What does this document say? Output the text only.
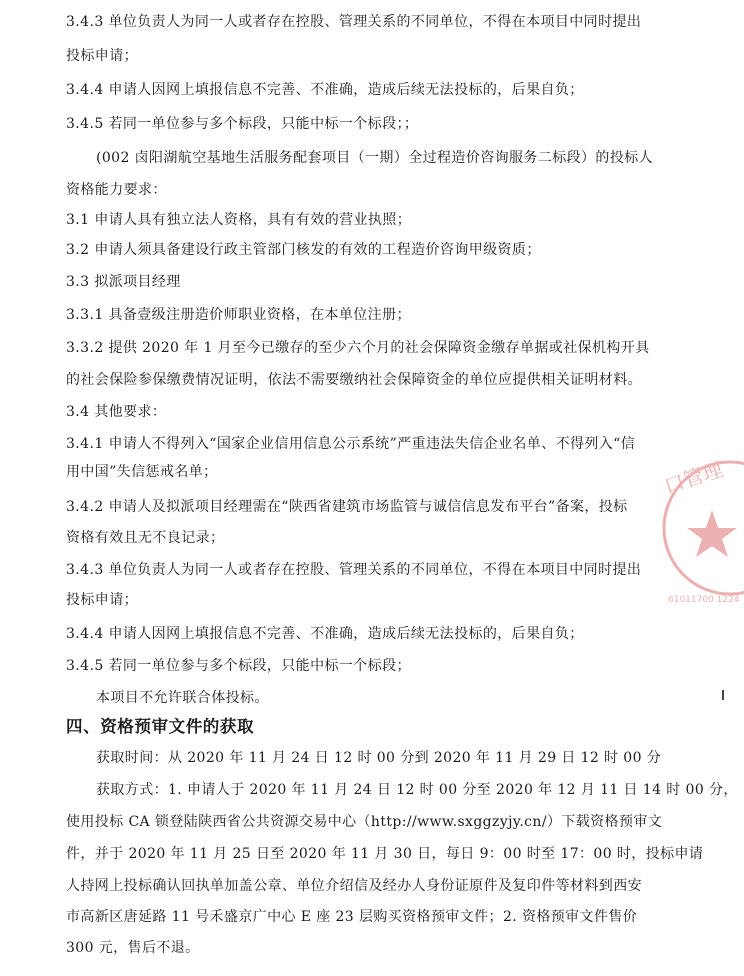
3.4.3 单位负责人为同一人或者存在控股、管理关系的不同单位，不得在本项目中同时提出
投标申请；
3.4.4 申请人因网上填报信息不完善、不准确，造成后续无法投标的，后果自负；
3.4.5 若同一单位参与多个标段，只能中标一个标段；；
(002 卤阳湖航空基地生活服务配套项目（一期）全过程造价咨询服务二标段）的投标人
资格能力要求：
3.1 申请人具有独立法人资格，具有有效的营业执照；
3.2 申请人须具备建设行政主管部门核发的有效的工程造价咨询甲级资质；
3.3 拟派项目经理
3.3.1 具备壹级注册造价师职业资格，在本单位注册；
3.3.2 提供 2020 年 1 月至今已缴存的至少六个月的社会保障资金缴存单据或社保机构开具
的社会保险参保缴费情况证明，依法不需要缴纳社会保障资金的单位应提供相关证明材料。
3.4 其他要求：
3.4.1 申请人不得列入“国家企业信用信息公示系统”严重违法失信企业名单、不得列入“信
用中国”失信惩戒名单；
3.4.2 申请人及拟派项目经理需在“陕西省建筑市场监管与诚信信息发布平台”备案，投标
资格有效且无不良记录；
3.4.3 单位负责人为同一人或者存在控股、管理关系的不同单位，不得在本项目中同时提出
投标申请；
3.4.4 申请人因网上填报信息不完善、不准确，造成后续无法投标的，后果自负；
3.4.5 若同一单位参与多个标段，只能中标一个标段；
本项目不允许联合体投标。
四、资格预审文件的获取
获取时间：从 2020 年 11 月 24 日 12 时 00 分到 2020 年 11 月 29 日 12 时 00 分
获取方式：1. 申请人于 2020 年 11 月 24 日 12 时 00 分至 2020 年 12 月 11 日 14 时 00 分，
使用投标 CA 锁登陆陕西省公共资源交易中心（http://www.sxggzyjy.cn/）下载资格预审文
件，并于 2020 年 11 月 25 日至 2020 年 11 月 30 日，每日 9：00 时至 17：00 时，投标申请
人持网上投标确认回执单加盖公章、单位介绍信及经办人身份证原件及复印件等材料到西安
市高新区唐延路 11 号禾盛京广中心 E 座 23 层购买资格预审文件；2. 资格预审文件售价
300 元，售后不退。
口管理
61011700 1224
